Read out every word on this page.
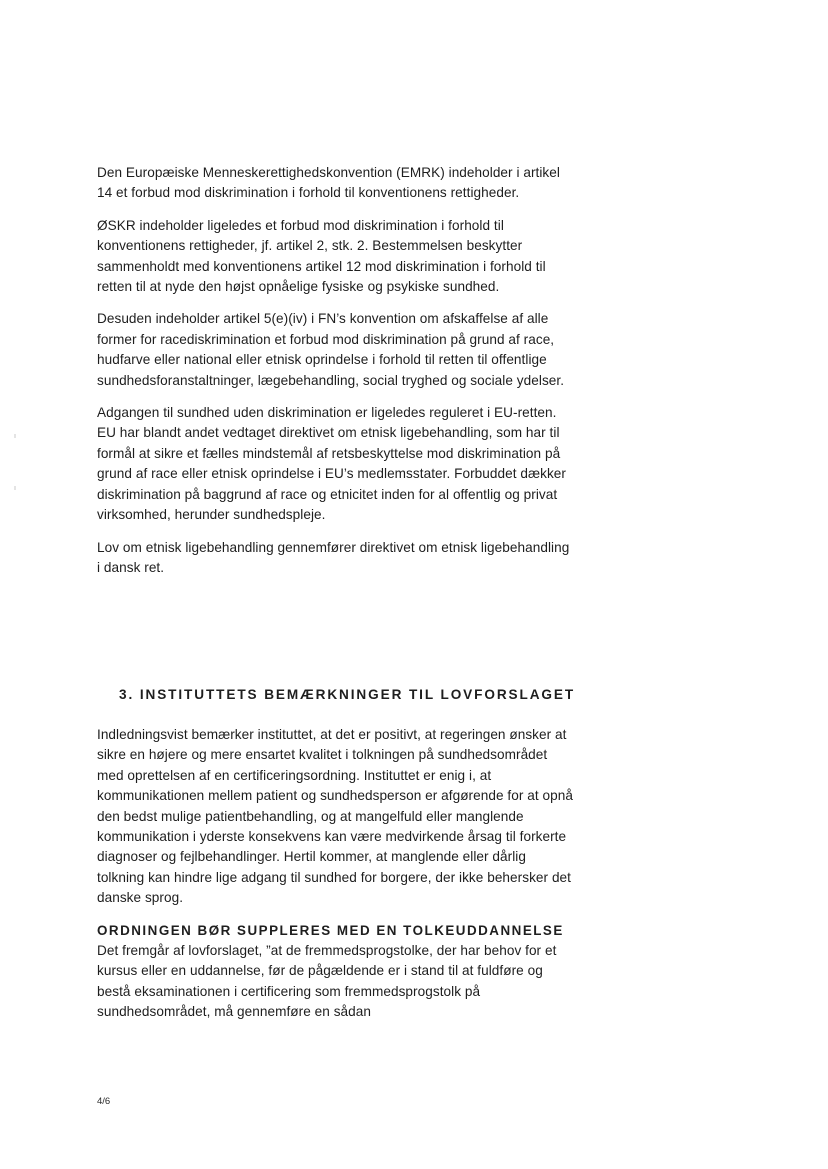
Den Europæiske Menneskerettighedskonvention (EMRK) indeholder i artikel 14 et forbud mod diskrimination i forhold til konventionens rettigheder.

ØSKR indeholder ligeledes et forbud mod diskrimination i forhold til konventionens rettigheder, jf. artikel 2, stk. 2. Bestemmelsen beskytter sammenholdt med konventionens artikel 12 mod diskrimination i forhold til retten til at nyde den højst opnåelige fysiske og psykiske sundhed.

Desuden indeholder artikel 5(e)(iv) i FN’s konvention om afskaffelse af alle former for racediskrimination et forbud mod diskrimination på grund af race, hudfarve eller national eller etnisk oprindelse i forhold til retten til offentlige sundhedsforanstaltninger, lægebehandling, social tryghed og sociale ydelser.

Adgangen til sundhed uden diskrimination er ligeledes reguleret i EU-retten. EU har blandt andet vedtaget direktivet om etnisk ligebehandling, som har til formål at sikre et fælles mindstemål af retsbeskyttelse mod diskrimination på grund af race eller etnisk oprindelse i EU’s medlemsstater. Forbuddet dækker diskrimination på baggrund af race og etnicitet inden for al offentlig og privat virksomhed, herunder sundhedspleje.

Lov om etnisk ligebehandling gennemfører direktivet om etnisk ligebehandling i dansk ret.

3. INSTITUTTETS BEMÆRKNINGER TIL LOVFORSLAGET

Indledningsvist bemærker instituttet, at det er positivt, at regeringen ønsker at sikre en højere og mere ensartet kvalitet i tolkningen på sundhedsområdet med oprettelsen af en certificeringsordning. Instituttet er enig i, at kommunikationen mellem patient og sundhedsperson er afgørende for at opnå den bedst mulige patientbehandling, og at mangelfuld eller manglende kommunikation i yderste konsekvens kan være medvirkende årsag til forkerte diagnoser og fejlbehandlinger. Hertil kommer, at manglende eller dårlig tolkning kan hindre lige adgang til sundhed for borgere, der ikke behersker det danske sprog.

ORDNINGEN BØR SUPPLERES MED EN TOLKEUDDANNELSE

Det fremgår af lovforslaget, ”at de fremmedsprogstolke, der har behov for et kursus eller en uddannelse, før de pågældende er i stand til at fuldføre og bestå eksaminationen i certificering som fremmedsprogstolk på sundhedsområdet, må gennemføre en sådan

4/6
